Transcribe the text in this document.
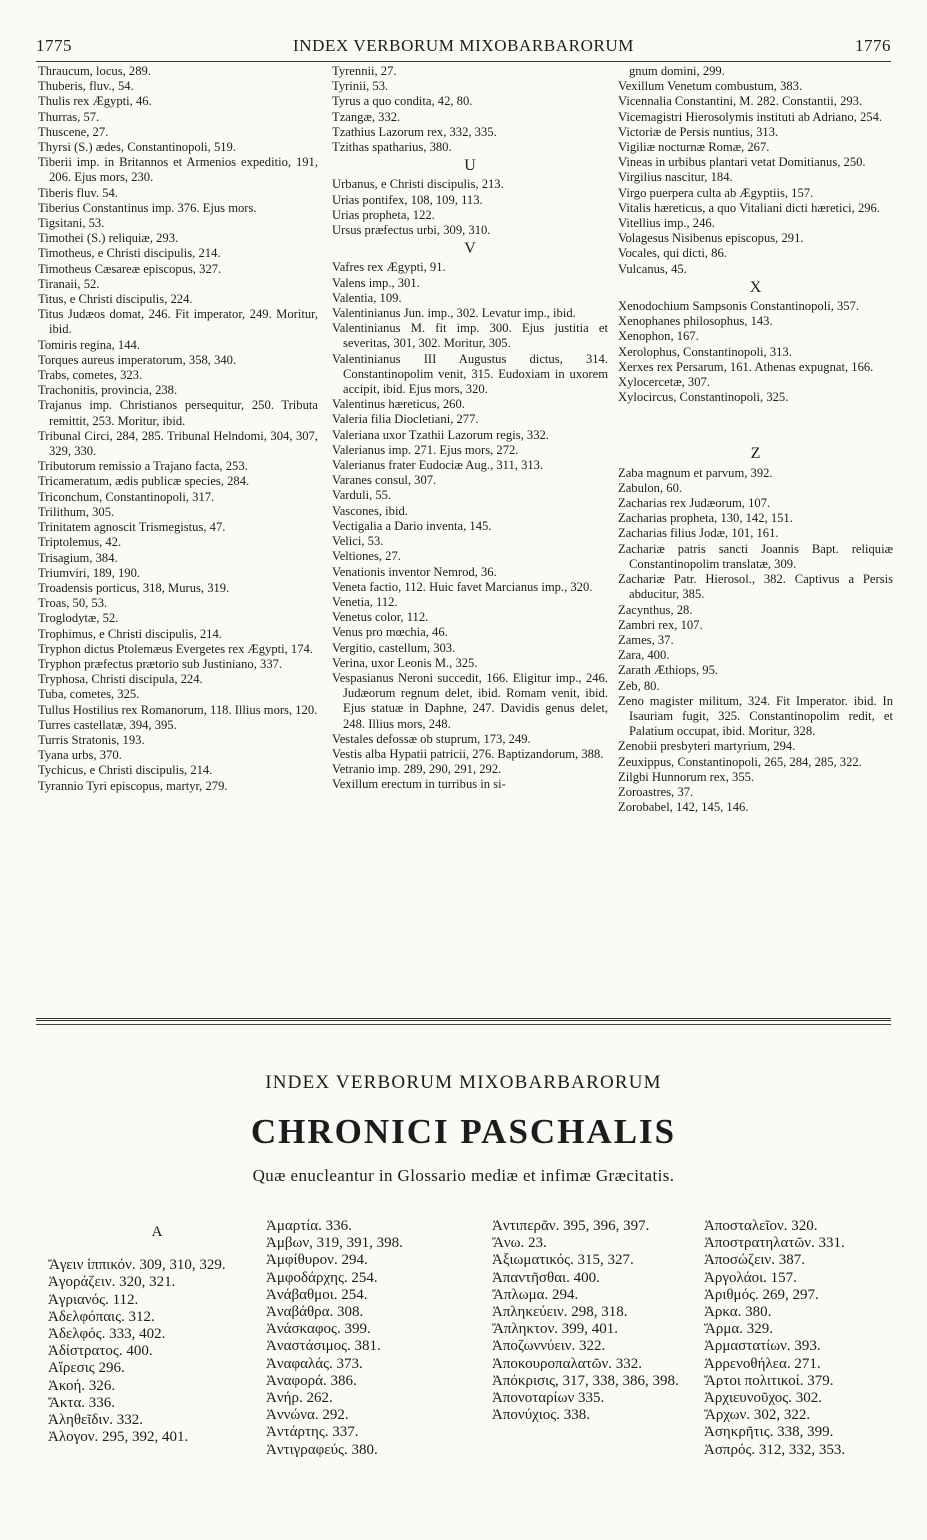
1775	INDEX VERBORUM MIXOBARBARORUM	1776

Thraucum, locus, 289.

Thuberis, fluv., 54.

Thulis rex Ægypti, 46.

Thurras, 57.

Thuscene, 27.

Thyrsi (S.) ædes, Constantinopoli, 519.

Tiberii imp. in Britannos et Armenios expeditio, 191, 206. Ejus mors, 230.

Tiberis fluv. 54.

Tiberius Constantinus imp. 376. Ejus mors.

Tigsitani, 53.

Timothei (S.) reliquiæ, 293.

Timotheus, e Christi discipulis, 214.

Timotheus Cæsareæ episcopus, 327.

Tiranaii, 52.

Titus, e Christi discipulis, 224.

Titus Judæos domat, 246. Fit imperator, 249. Moritur, ibid.

Tomiris regina, 144.

Torques aureus imperatorum, 358, 340.

Trabs, cometes, 323.

Trachonitis, provincia, 238.

Trajanus imp. Christianos persequitur, 250. Tributa remittit, 253. Moritur, ibid.

Tribunal Circi, 284, 285. Tribunal Helndomi, 304, 307, 329, 330.

Tributorum remissio a Trajano facta, 253.

Tricameratum, ædis publicæ species, 284.

Triconchum, Constantinopoli, 317.

Trilithum, 305.

Trinitatem agnoscit Trismegistus, 47.

Triptolemus, 42.

Trisagium, 384.

Triumviri, 189, 190.

Troadensis porticus, 318, Murus, 319.

Troas, 50, 53.

Troglodytæ, 52.

Trophimus, e Christi discipulis, 214.

Tryphon dictus Ptolemæus Evergetes rex Ægypti, 174.

Tryphon præfectus prætorio sub Justiniano, 337.

Tryphosa, Christi discipula, 224.

Tuba, cometes, 325.

Tullus Hostilius rex Romanorum, 118. Illius mors, 120.

Turres castellatæ, 394, 395.

Turris Stratonis, 193.

Tyana urbs, 370.

Tychicus, e Christi discipulis, 214.

Tyrannio Tyri episcopus, martyr, 279.

Tyrennii, 27.

Tyrinii, 53.

Tyrus a quo condita, 42, 80.

Tzangæ, 332.

Tzathius Lazorum rex, 332, 335.

Tzithas spatharius, 380.

U

Urbanus, e Christi discipulis, 213.

Urias pontifex, 108, 109, 113.

Urias propheta, 122.

Ursus præfectus urbi, 309, 310.

V

Vafres rex Ægypti, 91.

Valens imp., 301.

Valentia, 109.

Valentinianus Jun. imp., 302. Levatur imp., ibid.

Valentinianus M. fit imp. 300. Ejus justitia et severitas, 301, 302. Moritur, 305.

Valentinianus III Augustus dictus, 314. Constantinopolim venit, 315. Eudoxiam in uxorem accipit, ibid. Ejus mors, 320.

Valentinus hæreticus, 260.

Valeria filia Diocletiani, 277.

Valeriana uxor Tzathii Lazorum regis, 332.

Valerianus imp. 271. Ejus mors, 272.

Valerianus frater Eudociæ Aug., 311, 313.

Varanes consul, 307.

Varduli, 55.

Vascones, ibid.

Vectigalia a Dario inventa, 145.

Velici, 53.

Veltiones, 27.

Venationis inventor Nemrod, 36.

Veneta factio, 112. Huic favet Marcianus imp., 320.

Venetia, 112.

Venetus color, 112.

Venus pro mœchia, 46.

Vergitio, castellum, 303.

Verina, uxor Leonis M., 325.

Vespasianus Neroni succedit, 166. Eligitur imp., 246. Judæorum regnum delet, ibid. Romam venit, ibid. Ejus statuæ in Daphne, 247. Davidis genus delet, 248. Illius mors, 248.

Vestales defossæ ob stuprum, 173, 249.

Vestis alba Hypatii patricii, 276. Baptizandorum, 388.

Vetranio imp. 289, 290, 291, 292.

Vexillum erectum in turribus in si-

gnum domini, 299.

Vexillum Venetum combustum, 383.

Vicennalia Constantini, M. 282. Constantii, 293.

Vicemagistri Hierosolymis instituti ab Adriano, 254.

Victoriæ de Persis nuntius, 313.

Vigiliæ nocturnæ Romæ, 267.

Vineas in urbibus plantari vetat Domitianus, 250.

Virgilius nascitur, 184.

Virgo puerpera culta ab Ægyptiis, 157.

Vitalis hæreticus, a quo Vitaliani dicti hæretici, 296.

Vitellius imp., 246.

Volagesus Nisibenus episcopus, 291.

Vocales, qui dicti, 86.

Vulcanus, 45.

X

Xenodochium Sampsonis Constantinopoli, 357.

Xenophanes philosophus, 143.

Xenophon, 167.

Xerolophus, Constantinopoli, 313.

Xerxes rex Persarum, 161. Athenas expugnat, 166.

Xylocercetæ, 307.

Xylocircus, Constantinopoli, 325.

Z

Zaba magnum et parvum, 392.

Zabulon, 60.

Zacharias rex Judæorum, 107.

Zacharias propheta, 130, 142, 151.

Zacharias filius Jodæ, 101, 161.

Zachariæ patris sancti Joannis Bapt. reliquiæ Constantinopolim translatæ, 309.

Zachariæ Patr. Hierosol., 382. Captivus a Persis abducitur, 385.

Zacynthus, 28.

Zambri rex, 107.

Zames, 37.

Zara, 400.

Zarath Æthiops, 95.

Zeb, 80.

Zeno magister militum, 324. Fit Imperator. ibid. In Isauriam fugit, 325. Constantinopolim redit, et Palatium occupat, ibid. Moritur, 328.

Zenobii presbyteri martyrium, 294.

Zeuxippus, Constantinopoli, 265, 284, 285, 322.

Zilgbi Hunnorum rex, 355.

Zoroastres, 37.

Zorobabel, 142, 145, 146.

INDEX VERBORUM MIXOBARBARORUM
CHRONICI PASCHALIS
Quæ enucleantur in Glossario mediæ et infimæ Græcitatis.
A

Ἄγειν ἱππικόν. 309, 310, 329.

Ἀγοράζειν. 320, 321.

Ἀγριανός. 112.

Ἀδελφόπαις. 312.

Ἀδελφός. 333, 402.

Ἀδίστρατος. 400.

Αἵρεσις 296.

Ἀκοή. 326.

Ἄκτα. 336.

Ἀληθεῖδιν. 332.

Ἀλογον. 295, 392, 401.

Ἀμαρτία. 336.

Ἀμβων, 319, 391, 398.

Ἀμφίθυρον. 294.

Ἀμφοδάρχης. 254.

Ἀνάβαθμοι. 254.

Ἀναβάθρα. 308.

Ἀνάσκαφος. 399.

Ἀναστάσιμος. 381.

Ἀναφαλάς. 373.

Ἀναφορά. 386.

Ἀνήρ. 262.

Ἀννώνα. 292.

Ἀντάρτης. 337.

Ἀντιγραφεύς. 380.

Ἀντιπερᾶν. 395, 396, 397.

Ἄνω. 23.

Ἀξιωματικός. 315, 327.

Ἀπαντῆσθαι. 400.

Ἄπλωμα. 294.

Ἀπληκεύειν. 298, 318.

Ἄπληκτον. 399, 401.

Ἀποζωννύειν. 322.

Ἀποκουροπαλατῶν. 332.

Ἀπόκρισις, 317, 338, 386, 398.

Ἀπονοταρίων 335.

Ἀπονύχιος. 338.

Ἀποσταλεῖον. 320.

Ἀποστρατηλατῶν. 331.

Ἀποσώζειν. 387.

Ἀργολάοι. 157.

Ἀριθμός. 269, 297.

Ἀρκα. 380.

Ἅρμα. 329.

Ἀρμαστατίων. 393.

Ἀρρενοθήλεα. 271.

Ἄρτοι πολιτικοί. 379.

Ἀρχιευνοῦχος. 302.

Ἄρχων. 302, 322.

Ἀσηκρῆτις. 338, 399.

Ἀσπρός. 312, 332, 353.
